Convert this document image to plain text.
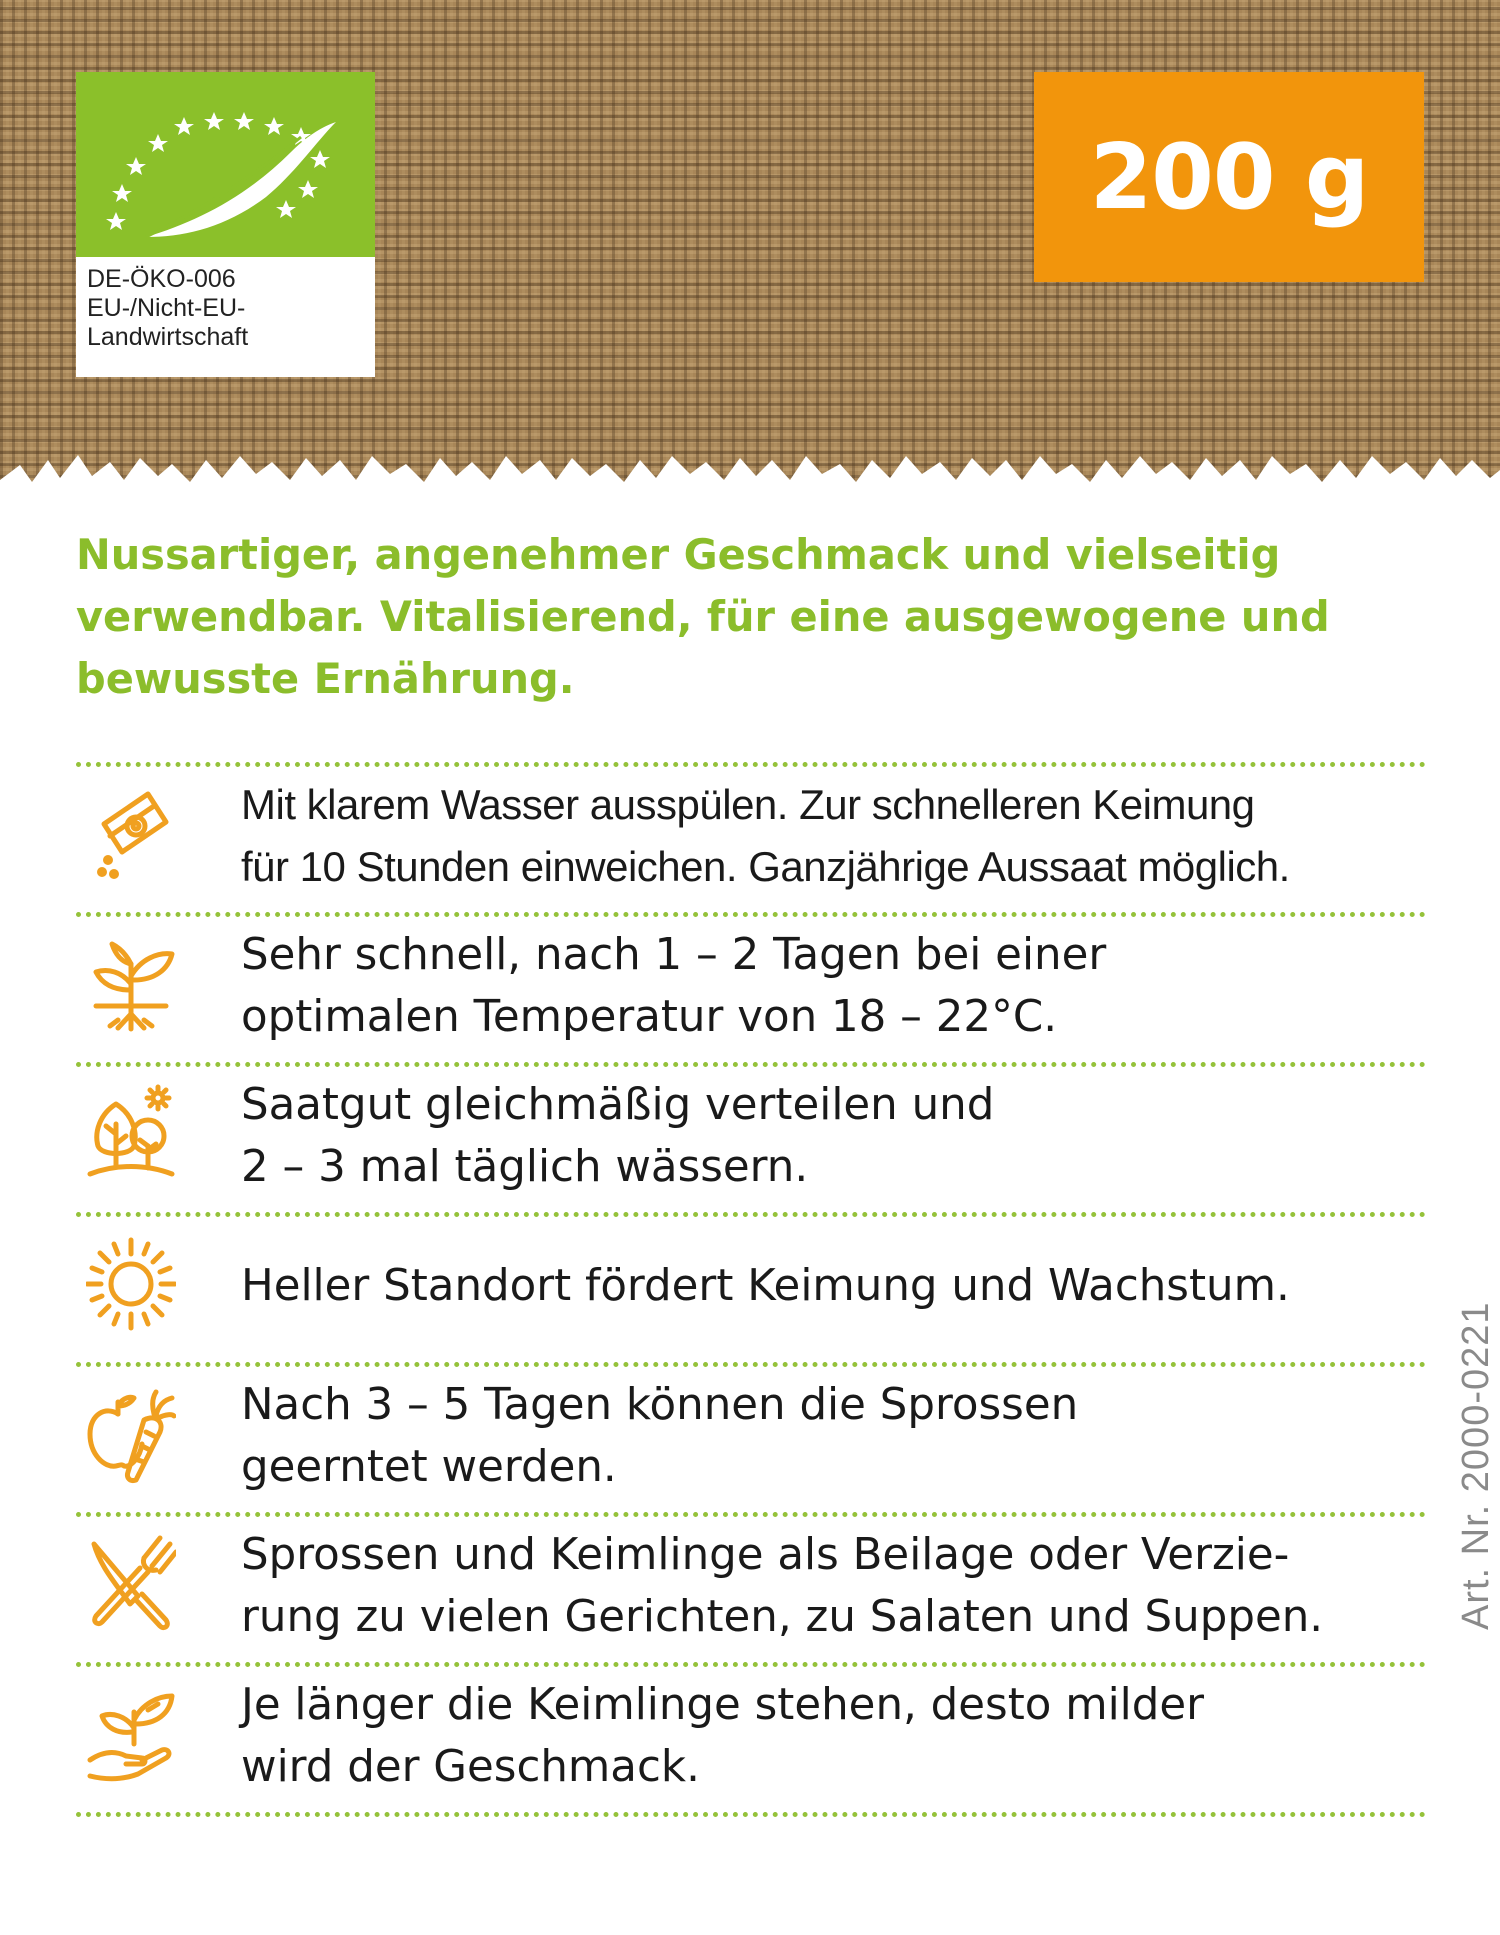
DE-ÖKO-006
EU-/Nicht-EU-
Landwirtschaft
200 g
Nussartiger, angenehmer Geschmack und vielseitig
verwendbar. Vitalisierend, für eine ausgewogene und
bewusste Ernährung.
Mit klarem Wasser ausspülen. Zur schnelleren Keimung
für 10 Stunden einweichen. Ganzjährige Aussaat möglich.
Sehr schnell, nach 1 – 2 Tagen bei einer
optimalen Temperatur von 18 – 22°C.
Saatgut gleichmäßig verteilen und
2 – 3 mal täglich wässern.
Heller Standort fördert Keimung und Wachstum.
Nach 3 – 5 Tagen können die Sprossen
geerntet werden.
Sprossen und Keimlinge als Beilage oder Verzie-
rung zu vielen Gerichten, zu Salaten und Suppen.
Je länger die Keimlinge stehen, desto milder
wird der Geschmack.
Art. Nr. 2000-0221
